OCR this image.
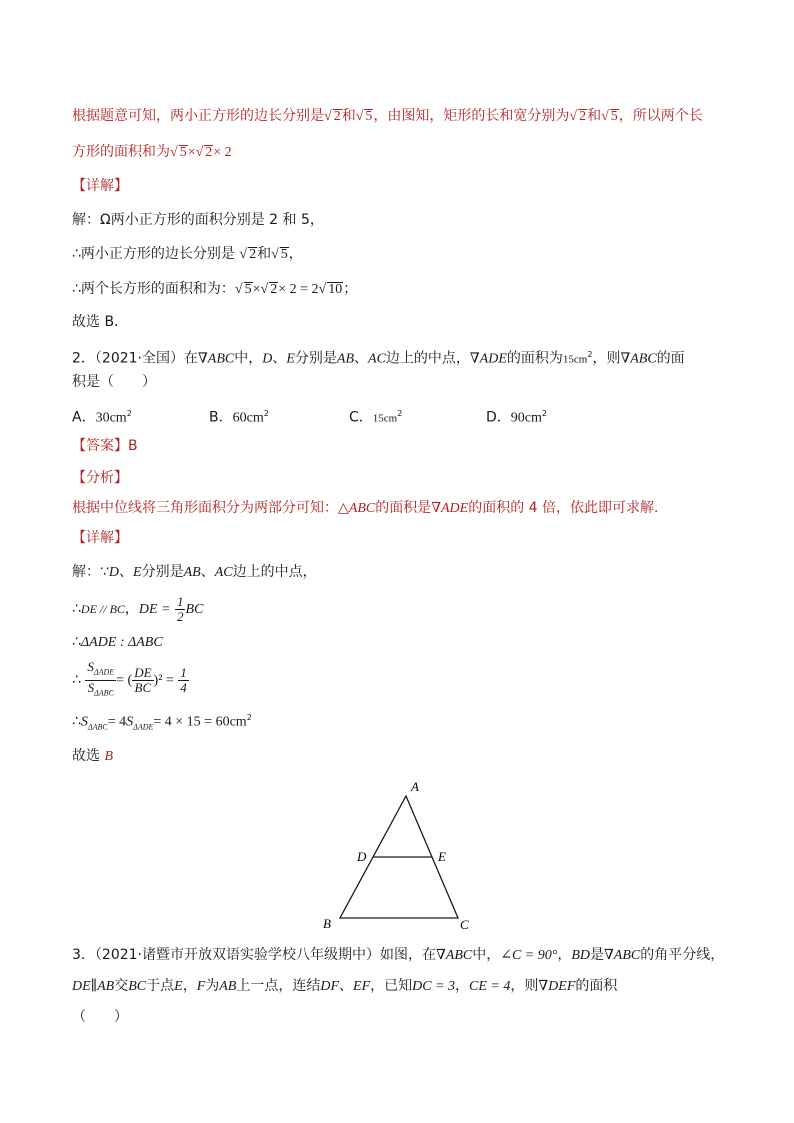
根据题意可知，两小正方形的边长分别是√ 2和√ 5，由图知，矩形的长和宽分别为√ 2和√ 5，所以两个长
方形的面积和为√ 5×√ 2× 2
【详解】
解：Ω两小正方形的面积分别是 2 和 5，
∴两小正方形的边长分别是 √ 2和√ 5，
∴两个长方形的面积和为：√ 5×√ 2× 2 = 2√ 10；
故选 B．
2．（2021·全国）在∇ABC中，D、E分别是AB、AC边上的中点，∇ADE的面积为$15cm^2$，则∇ABC的面
积是（　　）
A．$30cm^2$	B．$60cm^2$	C．$15cm^2$	D．$90cm^2$
【答案】B
【分析】
根据中位线将三角形面积分为两部分可知：△ABC的面积是∇ADE的面积的 4 倍，依此即可求解．
【详解】
解：∵D、E分别是AB、AC边上的中点，
∴DE // BC，DE = $\frac{1}{2}$ BC
∴ΔADE : ΔABC
∴ $\frac{S_{\Delta ADE}}{S_{\Delta ABC}}$ = ( $\frac{DE}{BC} )^2 = \frac{1}{4}$
$\therefore S_{\Delta ABC}= 4S_{\Delta ADE}= 4 \times 15 = 60cm^2$
故选 B
A
B	C
D	E
3．（2021·诸暨市开放双语实验学校八年级期中）如图，在∇ABC中，∠C = 90°，BD是∇ABC的角平分线，
DE∥AB交BC于点E，F为AB上一点，连结DF、EF，已知DC = 3，CE = 4，则∇DEF的面积
（　　）
